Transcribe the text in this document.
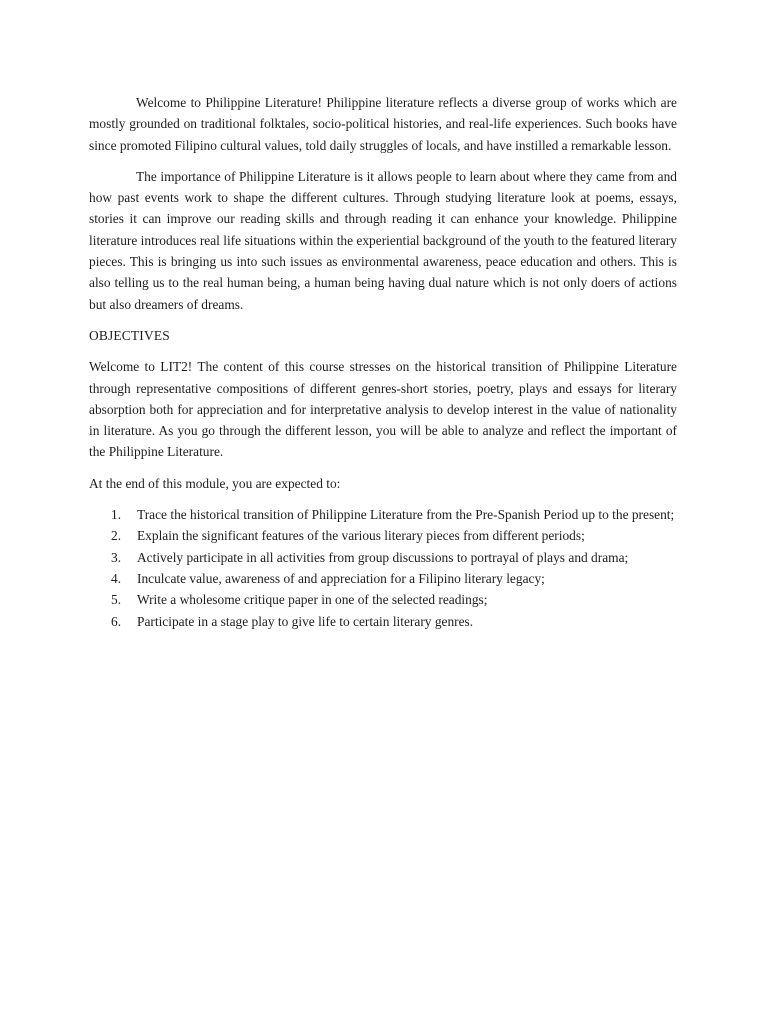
Welcome to Philippine Literature! Philippine literature reflects a diverse group of works which are mostly grounded on traditional folktales, socio-political histories, and real-life experiences. Such books have since promoted Filipino cultural values, told daily struggles of locals, and have instilled a remarkable lesson.

The importance of Philippine Literature is it allows people to learn about where they came from and how past events work to shape the different cultures. Through studying literature look at poems, essays, stories it can improve our reading skills and through reading it can enhance your knowledge. Philippine literature introduces real life situations within the experiential background of the youth to the featured literary pieces. This is bringing us into such issues as environmental awareness, peace education and others. This is also telling us to the real human being, a human being having dual nature which is not only doers of actions but also dreamers of dreams.

OBJECTIVES

Welcome to LIT2! The content of this course stresses on the historical transition of Philippine Literature through representative compositions of different genres-short stories, poetry, plays and essays for literary absorption both for appreciation and for interpretative analysis to develop interest in the value of nationality in literature. As you go through the different lesson, you will be able to analyze and reflect the important of the Philippine Literature.

At the end of this module, you are expected to:

1.	Trace the historical transition of Philippine Literature from the Pre-Spanish Period up to the present;
2.	Explain the significant features of the various literary pieces from different periods;
3.	Actively participate in all activities from group discussions to portrayal of plays and drama;
4.	Inculcate value, awareness of and appreciation for a Filipino literary legacy;
5.	Write a wholesome critique paper in one of the selected readings;
6.	Participate in a stage play to give life to certain literary genres.
